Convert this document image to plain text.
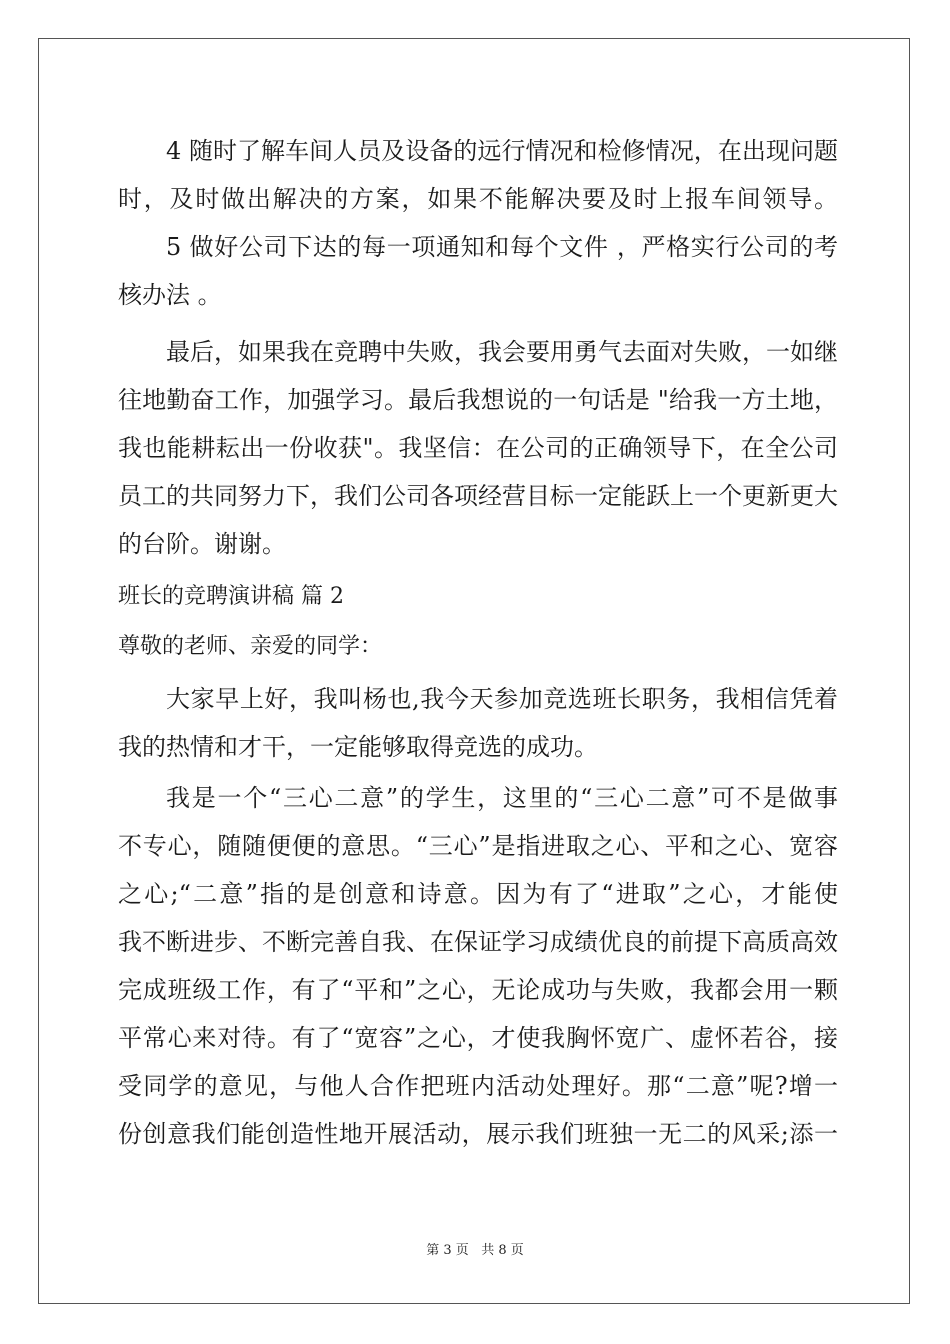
4 随时了解车间人员及设备的远行情况和检修情况，在出现问题
时，及时做出解决的方案，如果不能解决要及时上报车间领导。
5 做好公司下达的每一项通知和每个文件 ，严格实行公司的考
核办法 。
最后，如果我在竞聘中失败，我会要用勇气去面对失败，一如继
往地勤奋工作，加强学习。最后我想说的一句话是 "给我一方土地，
我也能耕耘出一份收获"。我坚信：在公司的正确领导下，在全公司
员工的共同努力下，我们公司各项经营目标一定能跃上一个更新更大
的台阶。谢谢。
班长的竞聘演讲稿 篇 2
尊敬的老师、亲爱的同学：
大家早上好，我叫杨也,我今天参加竞选班长职务，我相信凭着
我的热情和才干，一定能够取得竞选的成功。
我是一个“三心二意”的学生，这里的“三心二意”可不是做事
不专心，随随便便的意思。“三心”是指进取之心、平和之心、宽容
之心;“二意”指的是创意和诗意。因为有了“进取”之心，才能使
我不断进步、不断完善自我、在保证学习成绩优良的前提下高质高效
完成班级工作，有了“平和”之心，无论成功与失败，我都会用一颗
平常心来对待。有了“宽容”之心，才使我胸怀宽广、虚怀若谷，接
受同学的意见，与他人合作把班内活动处理好。那“二意”呢?增一
份创意我们能创造性地开展活动，展示我们班独一无二的风采;添一
第 3 页 共 8 页
